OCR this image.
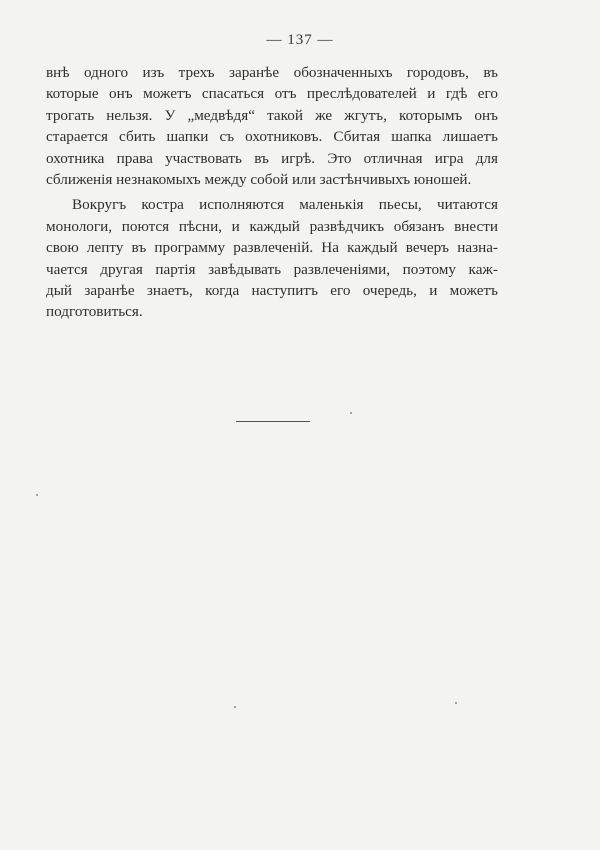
— 137 —
внѣ одного изъ трехъ заранѣе обозначенныхъ городовъ, въ
которые онъ можетъ спасаться отъ преслѣдователей и гдѣ его
трогать нельзя. У „медвѣдя“ такой же жгутъ, которымъ онъ
старается сбить шапки съ охотниковъ. Сбитая шапка лишаетъ
охотника права участвовать въ игрѣ. Это отличная игра для
сближенія незнакомыхъ между собой или застѣнчивыхъ юношей.
Вокругъ костра исполняются маленькія пьесы, читаются
монологи, поются пѣсни, и каждый развѣдчикъ обязанъ внести
свою лепту въ программу развлеченій. На каждый вечеръ назна-
чается другая партія завѣдывать развлеченіями, поэтому каж-
дый заранѣе знаетъ, когда наступитъ его очередь, и можетъ
подготовиться.
